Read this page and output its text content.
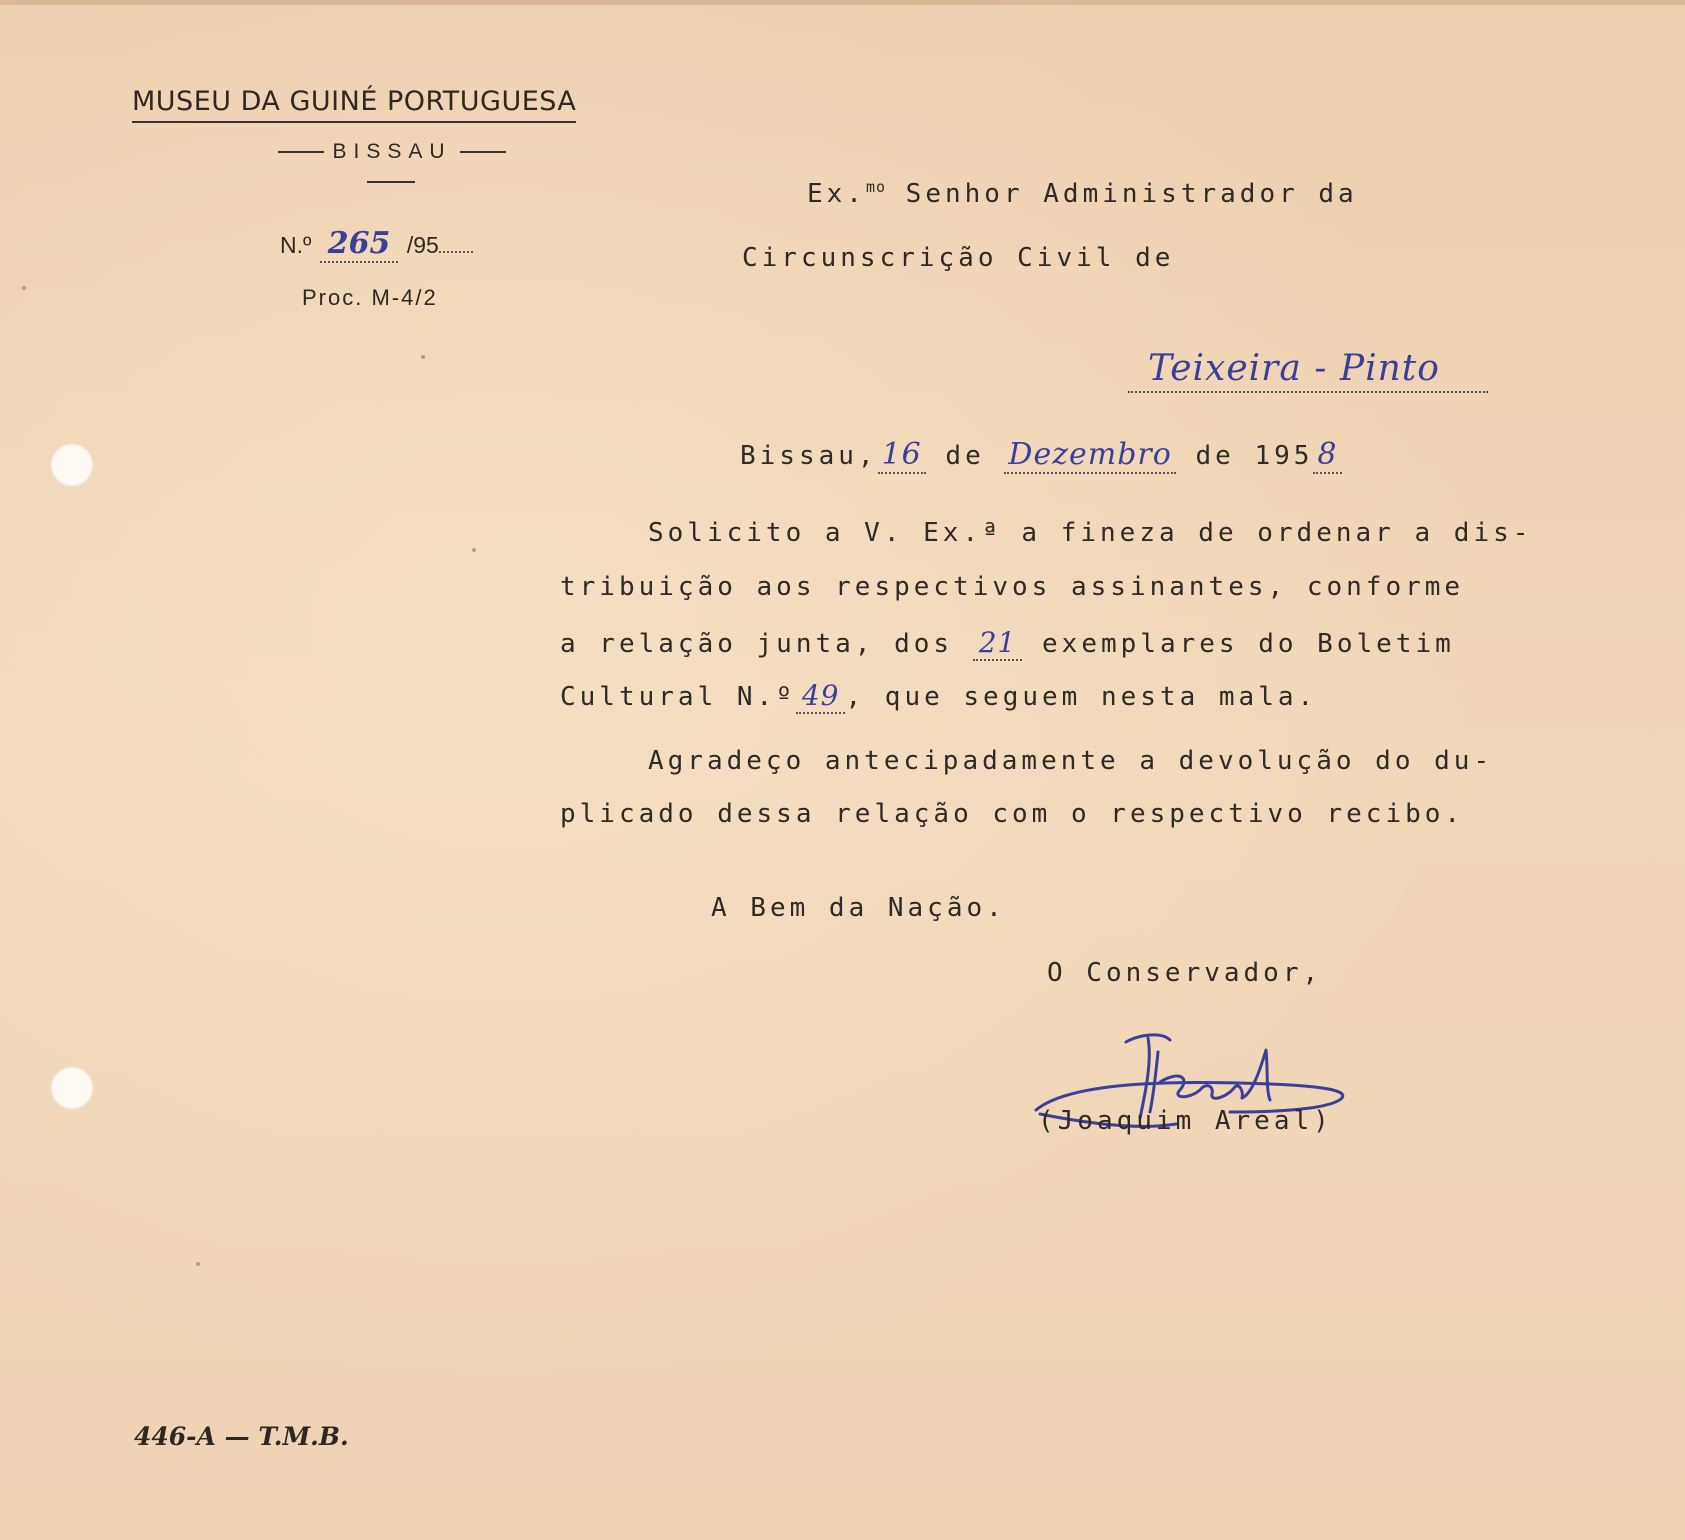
MUSEU DA GUINÉ PORTUGUESA
BISSAU
N.º 265 /95
Proc. M-4/2
Ex.$^{mo}$ Senhor Administrador da
Circunscrição Civil de
Teixeira - Pinto
Bissau, 16 de Dezembro de 195 8
Solicito a V. Ex.ª a fineza de ordenar a dis-
tribuição aos respectivos assinantes, conforme
a relação junta, dos 21 exemplares do Boletim
Cultural N.º 49 , que seguem nesta mala.
Agradeço antecipadamente a devolução do du-
plicado dessa relação com o respectivo recibo.
A Bem da Nação.
O Conservador,
(Joaquim Areal)
446-A — T.M.B.
